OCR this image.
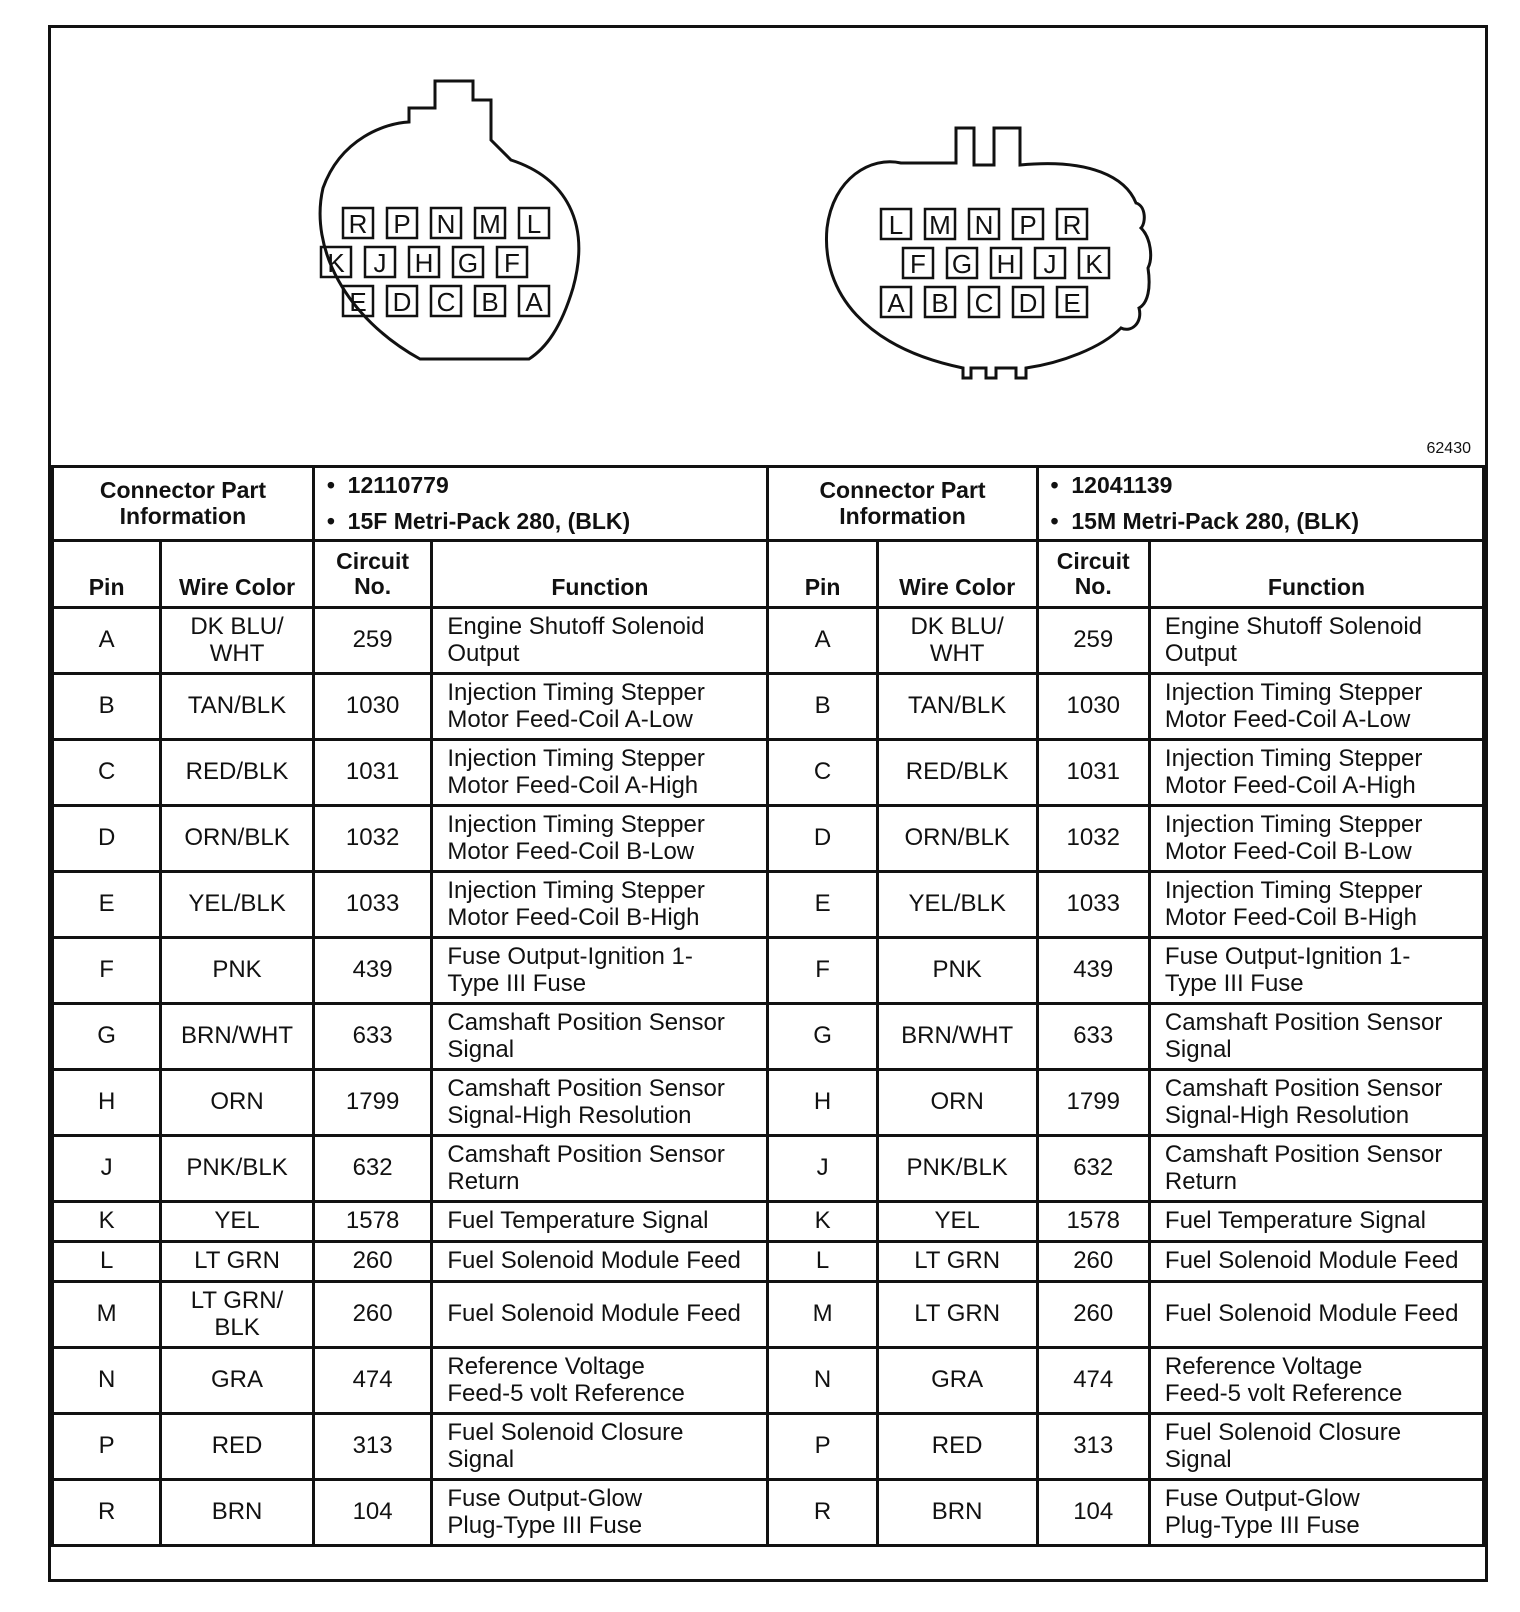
R P N M L
K J H G F
E D C B A
L M N P R
F G H J K
A B C D E
62430
Connector Part
Information		•  12110779
•  15F Metri-Pack 280, (BLK)		Connector Part
Information		•  12041139
•  15M Metri-Pack 280, (BLK)	

Pin	Wire Color	Circuit
No.	Function	Pin	Wire Color	Circuit
No.	Function
A	DK BLU/
WHT	259	Engine Shutoff Solenoid
Output	A	DK BLU/
WHT	259	Engine Shutoff Solenoid
Output

B	TAN/BLK	1030	Injection Timing Stepper
Motor Feed-Coil A-Low	B	TAN/BLK	1030	Injection Timing Stepper
Motor Feed-Coil A-Low

C	RED/BLK	1031	Injection Timing Stepper
Motor Feed-Coil A-High	C	RED/BLK	1031	Injection Timing Stepper
Motor Feed-Coil A-High

D	ORN/BLK	1032	Injection Timing Stepper
Motor Feed-Coil B-Low	D	ORN/BLK	1032	Injection Timing Stepper
Motor Feed-Coil B-Low

E	YEL/BLK	1033	Injection Timing Stepper
Motor Feed-Coil B-High	E	YEL/BLK	1033	Injection Timing Stepper
Motor Feed-Coil B-High

F	PNK	439	Fuse Output-Ignition 1-
Type III Fuse	F	PNK	439	Fuse Output-Ignition 1-
Type III Fuse

G	BRN/WHT	633	Camshaft Position Sensor
Signal	G	BRN/WHT	633	Camshaft Position Sensor
Signal

H	ORN	1799	Camshaft Position Sensor
Signal-High Resolution	H	ORN	1799	Camshaft Position Sensor
Signal-High Resolution

J	PNK/BLK	632	Camshaft Position Sensor
Return	J	PNK/BLK	632	Camshaft Position Sensor
Return

K	YEL	1578	Fuel Temperature Signal	K	YEL	1578	Fuel Temperature Signal

L	LT GRN	260	Fuel Solenoid Module Feed	L	LT GRN	260	Fuel Solenoid Module Feed

M	LT GRN/
BLK	260	Fuel Solenoid Module Feed	M	LT GRN	260	Fuel Solenoid Module Feed

N	GRA	474	Reference Voltage
Feed-5 volt Reference	N	GRA	474	Reference Voltage
Feed-5 volt Reference

P	RED	313	Fuel Solenoid Closure
Signal	P	RED	313	Fuel Solenoid Closure
Signal

R	BRN	104	Fuse Output-Glow
Plug-Type III Fuse	R	BRN	104	Fuse Output-Glow
Plug-Type III Fuse
